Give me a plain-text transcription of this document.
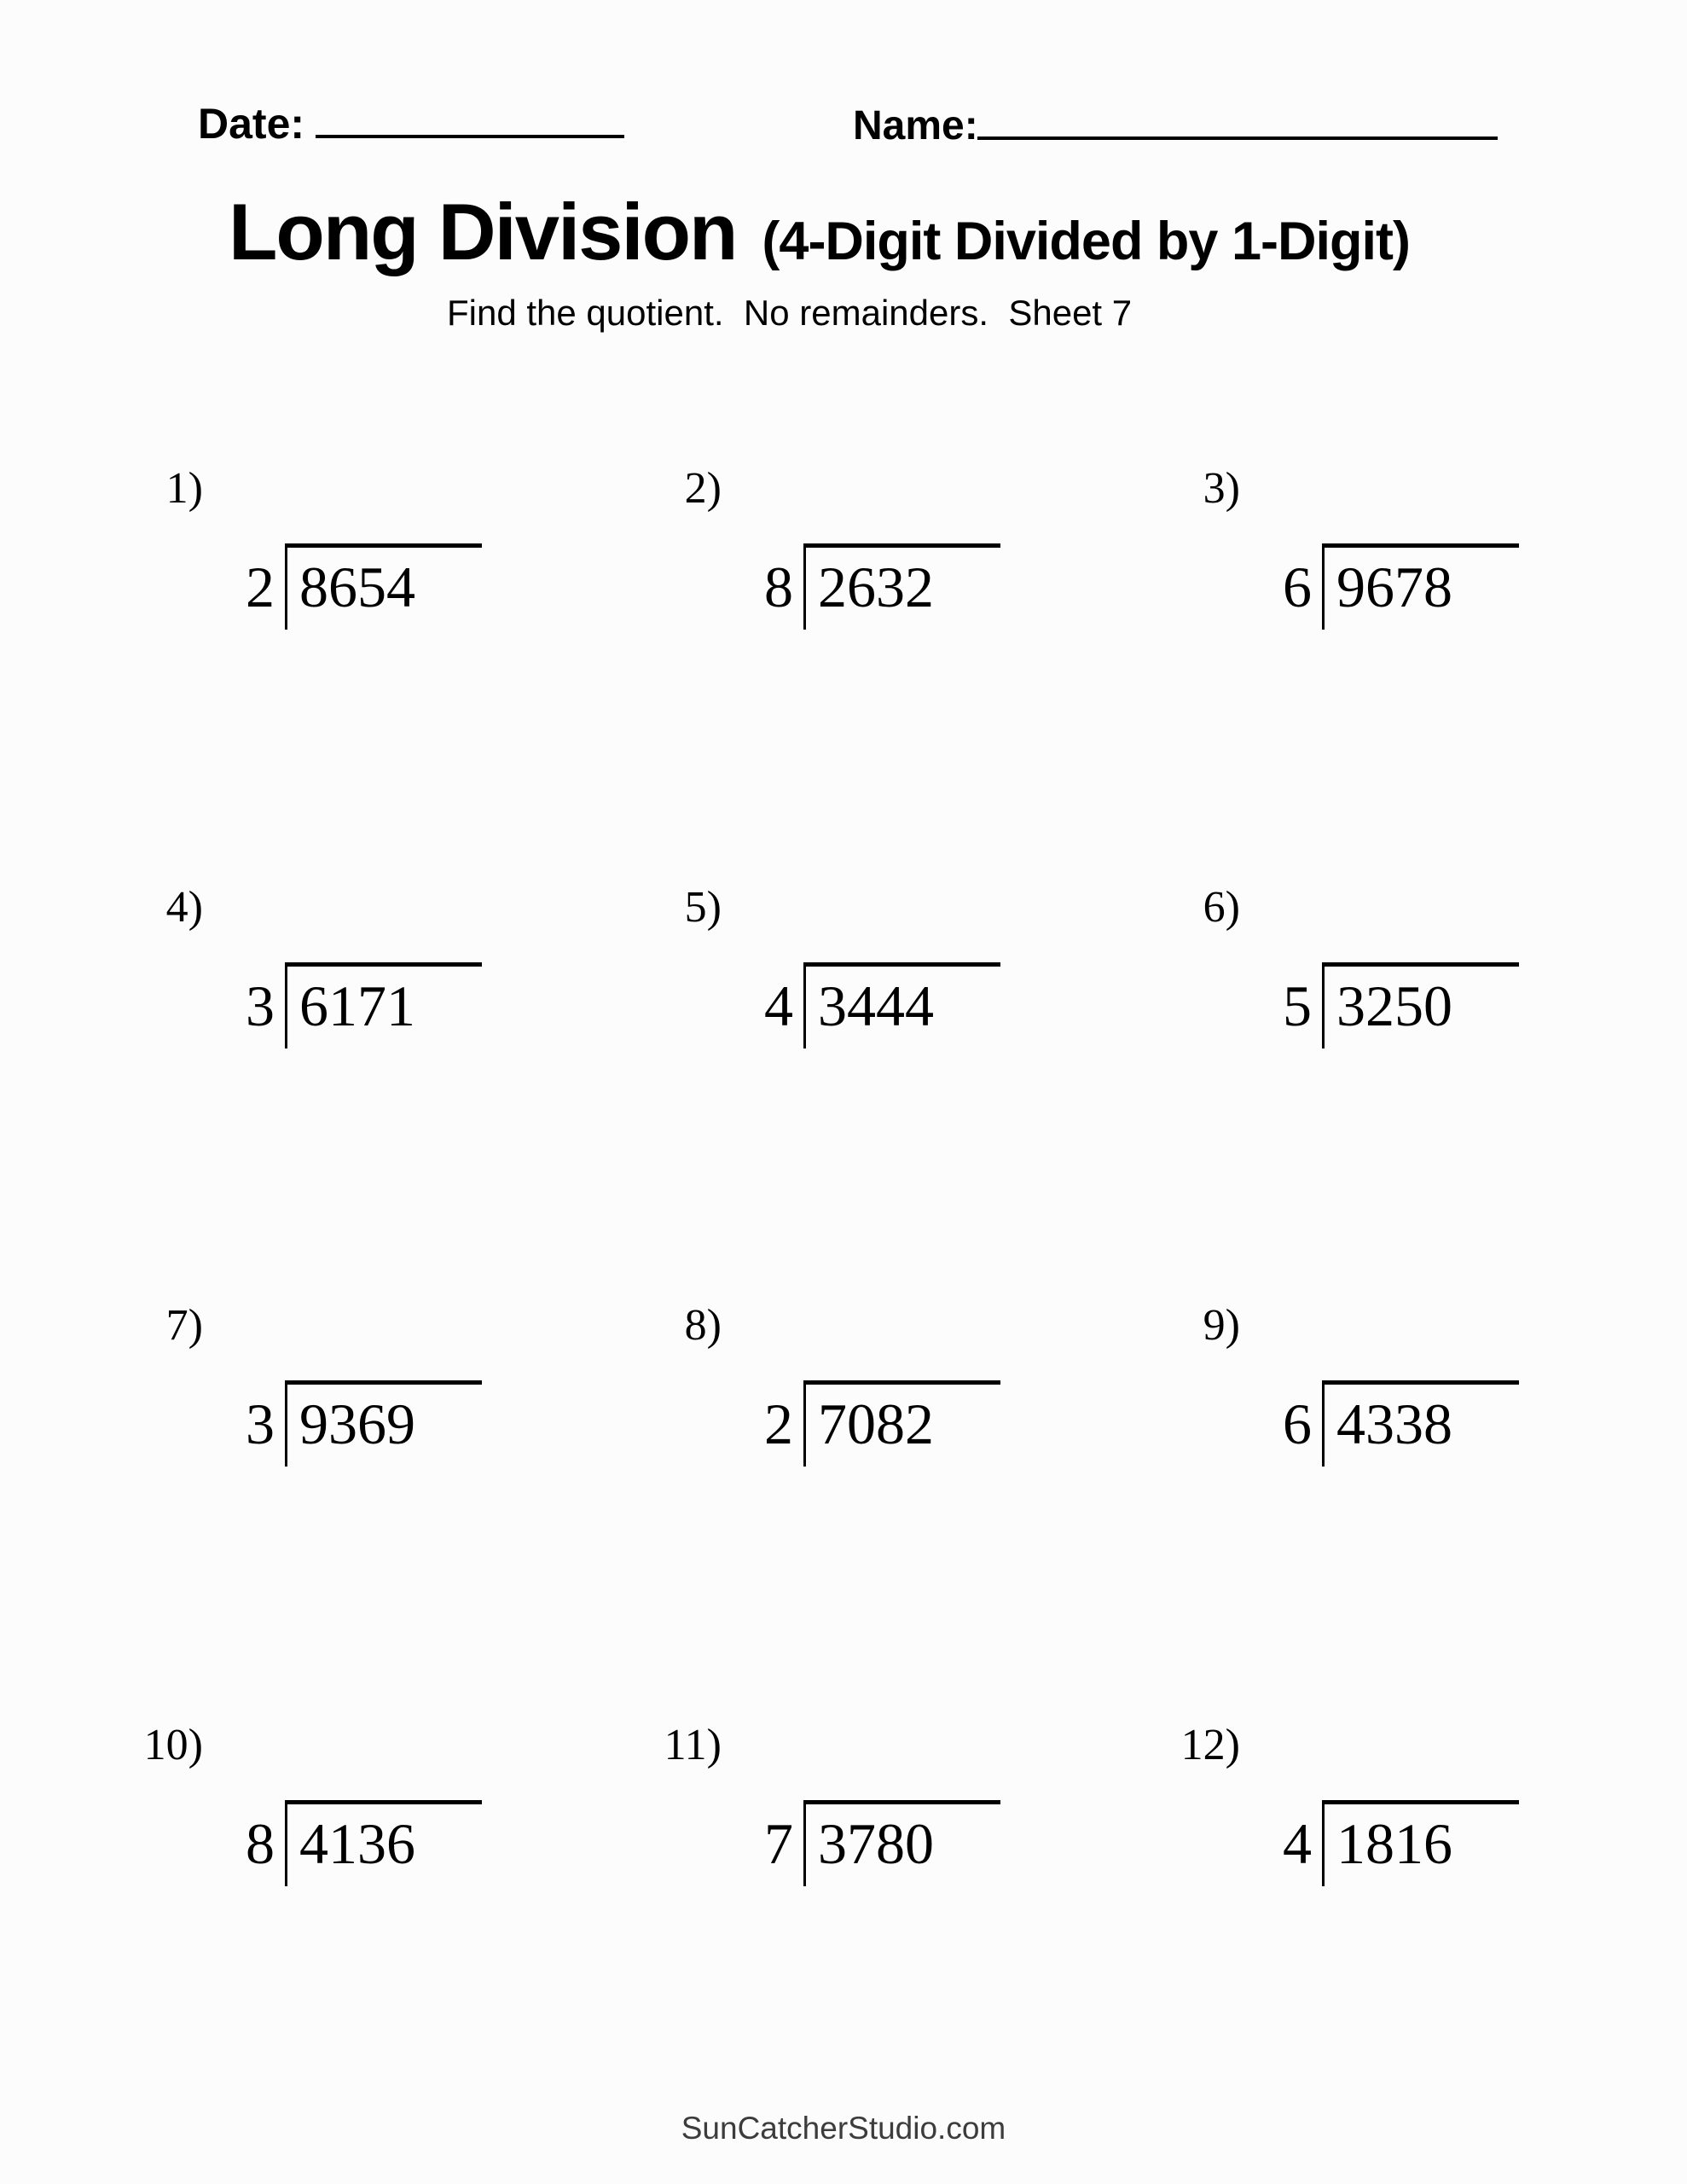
Date:	Name:
Long Division (4-Digit Divided by 1-Digit)
Find the quotient.  No remainders.  Sheet 7
1)
2 8654
2)
8 2632
3)
6 9678
4)
3 6171
5)
4 3444
6)
5 3250
7)
3 9369
8)
2 7082
9)
6 4338
10)
8 4136
11)
7 3780
12)
4 1816
SunCatcherStudio.com
